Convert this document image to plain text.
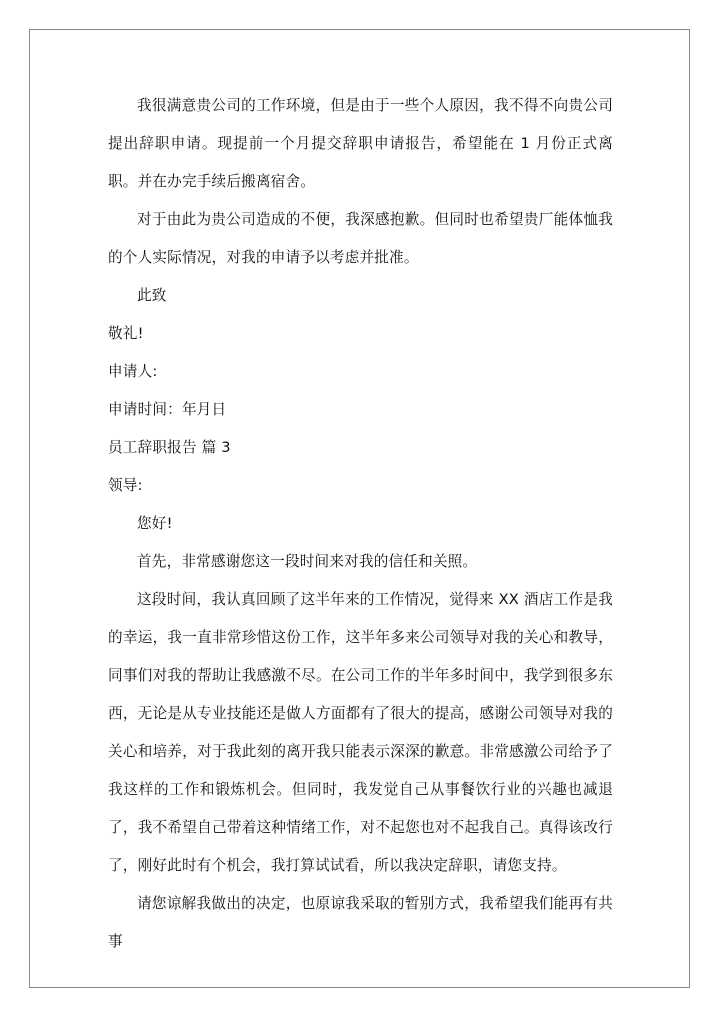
我很满意贵公司的工作环境，但是由于一些个人原因，我不得不向贵公司提出辞职申请。现提前一个月提交辞职申请报告，希望能在 1 月份正式离职。并在办完手续后搬离宿舍。

对于由此为贵公司造成的不便，我深感抱歉。但同时也希望贵厂能体恤我的个人实际情况，对我的申请予以考虑并批准。

此致

敬礼!

申请人:

申请时间：年月日

员工辞职报告 篇 3

领导:

您好!

首先，非常感谢您这一段时间来对我的信任和关照。

这段时间，我认真回顾了这半年来的工作情况，觉得来 XX 酒店工作是我的幸运，我一直非常珍惜这份工作，这半年多来公司领导对我的关心和教导，同事们对我的帮助让我感激不尽。在公司工作的半年多时间中，我学到很多东西，无论是从专业技能还是做人方面都有了很大的提高，感谢公司领导对我的关心和培养，对于我此刻的离开我只能表示深深的歉意。非常感激公司给予了我这样的工作和锻炼机会。但同时，我发觉自己从事餐饮行业的兴趣也减退了，我不希望自己带着这种情绪工作，对不起您也对不起我自己。真得该改行了，刚好此时有个机会，我打算试试看，所以我决定辞职，请您支持。

请您谅解我做出的决定，也原谅我采取的暂别方式，我希望我们能再有共事
